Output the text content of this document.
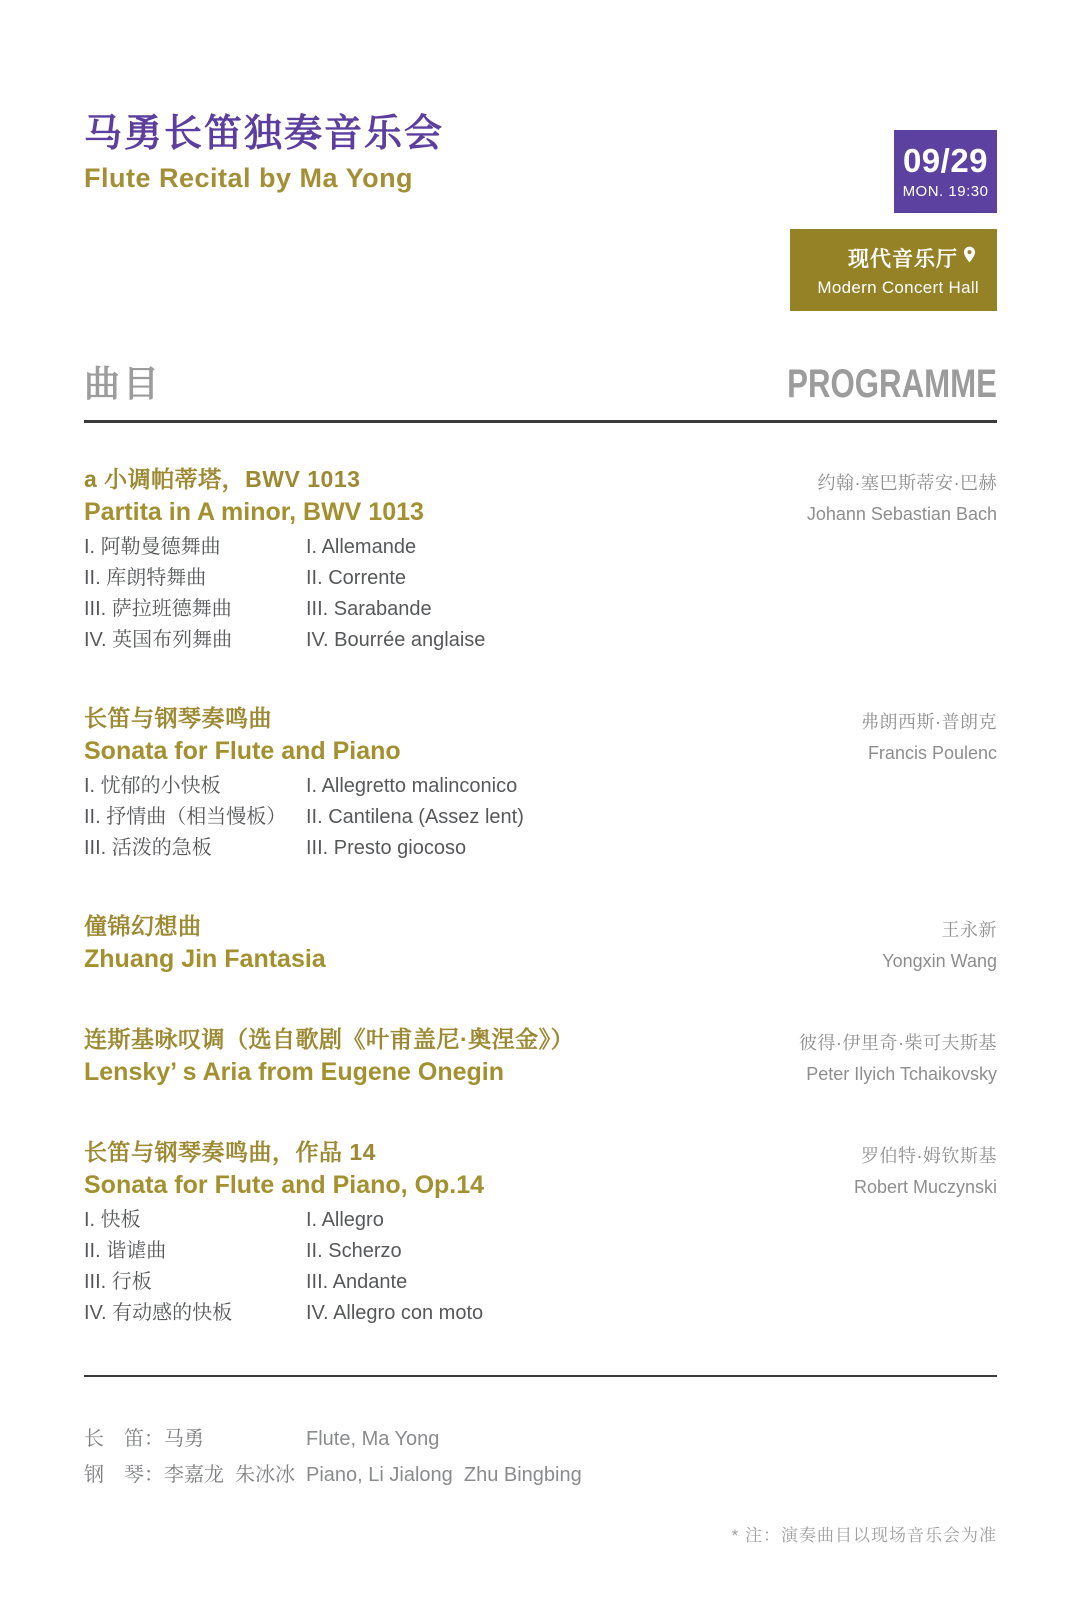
马勇长笛独奏音乐会
Flute Recital by Ma Yong	09/29
MON. 19:30
现代音乐厅
Modern Concert Hall
曲目	PROGRAMME
a 小调帕蒂塔，BWV 1013
Partita in A minor, BWV 1013
I. 阿勒曼德舞曲	I. Allemande
II. 库朗特舞曲	II. Corrente
III. 萨拉班德舞曲	III. Sarabande
IV. 英国布列舞曲	IV. Bourrée anglaise
约翰·塞巴斯蒂安·巴赫
Johann Sebastian Bach
长笛与钢琴奏鸣曲
Sonata for Flute and Piano
I. 忧郁的小快板	I. Allegretto malinconico
II. 抒情曲（相当慢板） II. Cantilena (Assez lent)
III. 活泼的急板	III. Presto giocoso
弗朗西斯·普朗克
Francis Poulenc
僮锦幻想曲
Zhuang Jin Fantasia
王永新
Yongxin Wang
连斯基咏叹调（选自歌剧《叶甫盖尼·奥涅金》）
Lensky’ s Aria from Eugene Onegin
彼得·伊里奇·柴可夫斯基
Peter Ilyich Tchaikovsky
长笛与钢琴奏鸣曲，作品 14
Sonata for Flute and Piano, Op.14
I. 快板	I. Allegro
II. 谐谑曲	II. Scherzo
III. 行板	III. Andante
IV. 有动感的快板	IV. Allegro con moto
罗伯特·姆钦斯基
Robert Muczynski
长　笛：马勇	Flute, Ma Yong
钢　琴：李嘉龙  朱冰冰 Piano, Li Jialong  Zhu Bingbing
* 注：演奏曲目以现场音乐会为准
